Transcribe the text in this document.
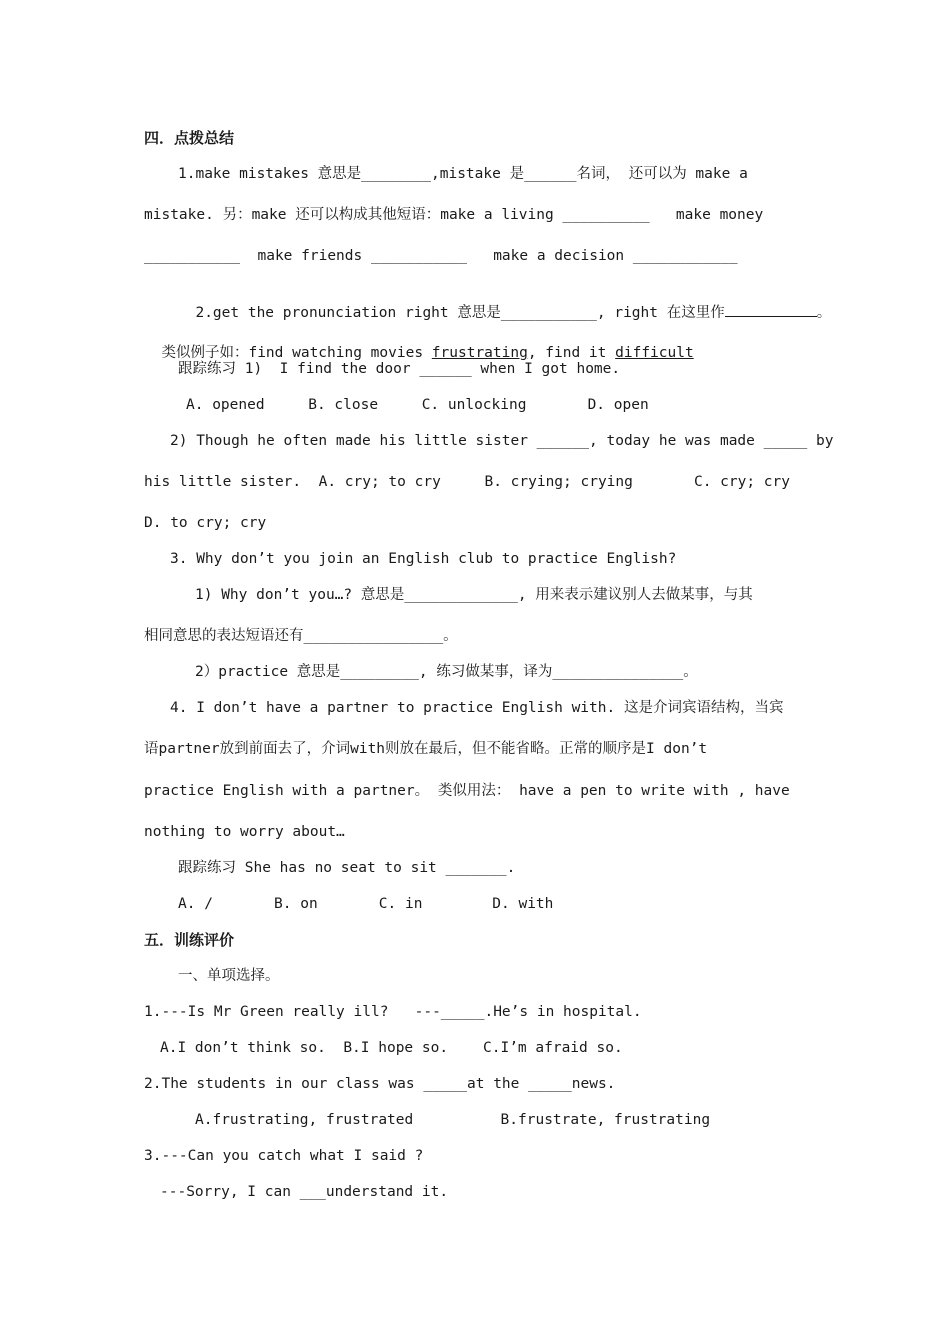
四．点拨总结
1.make mistakes 意思是________,mistake 是______名词， 还可以为 make a
mistake. 另：make 还可以构成其他短语：make a living __________   make money
___________  make friends ___________   make a decision ____________

2.get the pronunciation right 意思是___________, right 在这里作	。

类似例子如：find watching movies frustrating, find it difficult

跟踪练习 1)  I find the door ______ when I got home.
A. opened     B. close     C. unlocking       D. open
2) Though he often made his little sister ______, today he was made _____ by
his little sister.  A. cry; to cry     B. crying; crying       C. cry; cry
D. to cry; cry
3. Why don’t you join an English club to practice English?
1) Why don’t you…? 意思是_____________, 用来表示建议别人去做某事，与其
相同意思的表达短语还有________________。
2）practice 意思是_________, 练习做某事，译为_______________。
4. I don’t have a partner to practice English with. 这是介词宾语结构，当宾
语partner放到前面去了，介词with则放在最后，但不能省略。正常的顺序是I don’t
practice English with a partner。 类似用法： have a pen to write with , have
nothing to worry about…
跟踪练习 She has no seat to sit _______.
A. /       B. on       C. in        D. with
五．训练评价
一、单项选择。
1.---Is Mr Green really ill?   ---_____.He’s in hospital.
A.I don’t think so.  B.I hope so.    C.I’m afraid so.
2.The students in our class was _____at the _____news.
A.frustrating, frustrated          B.frustrate, frustrating
3.---Can you catch what I said ?
---Sorry, I can ___understand it.
